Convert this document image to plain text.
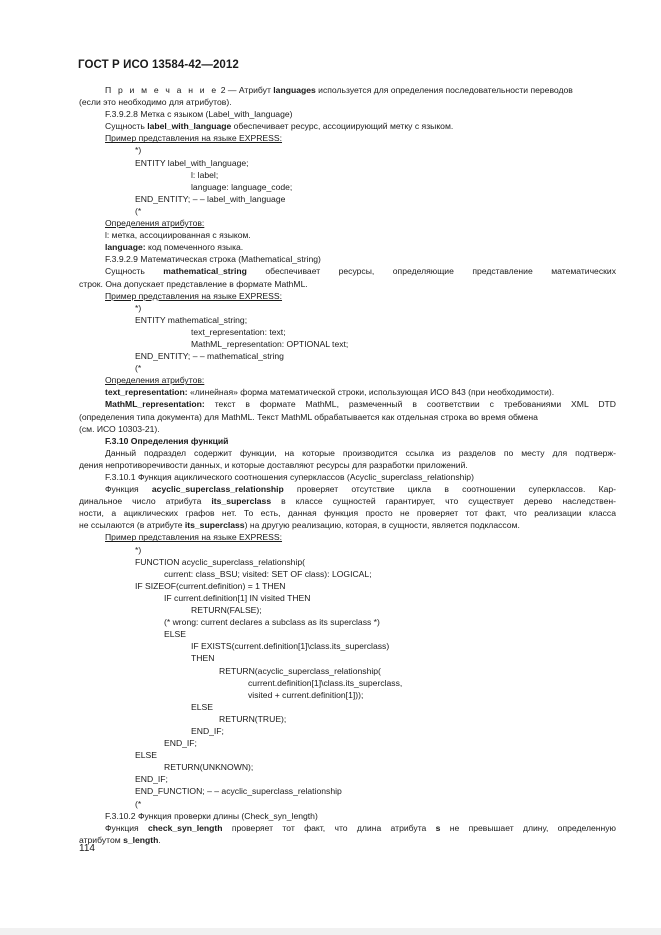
ГОСТ Р ИСО 13584-42—2012
П р и м е ч а н и е 2 — Атрибут languages используется для определения последовательности переводов
(если это необходимо для атрибутов).
F.3.9.2.8 Метка с языком (Label_with_language)
Сущность label_with_language обеспечивает ресурс, ассоциирующий метку с языком.
Пример представления на языке EXPRESS:
*)
ENTITY label_with_language;
l: label;
language: language_code;
END_ENTITY; – – label_with_language
(*
Определения атрибутов:
l: метка, ассоциированная с языком.
language: код помеченного языка.
F.3.9.2.9 Математическая строка (Mathematical_string)
Сущность mathematical_string обеспечивает ресурсы, определяющие представление математических
строк. Она допускает представление в формате MathML.
Пример представления на языке EXPRESS:
*)
ENTITY mathematical_string;
text_representation: text;
MathML_representation: OPTIONAL text;
END_ENTITY; – – mathematical_string
(*
Определения атрибутов:
text_representation: «линейная» форма математической строки, использующая ИСО 843 (при необходимости).
MathML_representation: текст в формате MathML, размеченный в соответствии с требованиями XML DTD
(определения типа документа) для MathML. Текст MathML обрабатывается как отдельная строка во время обмена
(см. ИСО 10303-21).
F.3.10 Определения функций
Данный подраздел содержит функции, на которые производится ссылка из разделов по месту для подтверж-
дения непротиворечивости данных, и которые доставляют ресурсы для разработки приложений.
F.3.10.1 Функция ациклического соотношения суперклассов (Acyclic_superclass_relationship)
Функция acyclic_superclass_relationship проверяет отсутствие цикла в соотношении суперклассов. Кар-
динальное число атрибута its_superclass в классе сущностей гарантирует, что существует дерево наследствен-
ности, а ациклических графов нет. То есть, данная функция просто не проверяет тот факт, что реализации класса
не ссылаются (в атрибуте its_superclass) на другую реализацию, которая, в сущности, является подклассом.
Пример представления на языке EXPRESS:
*)
FUNCTION acyclic_superclass_relationship(
current: class_BSU; visited: SET OF class): LOGICAL;
IF SIZEOF(current.definition) = 1 THEN
IF current.definition[1] IN visited THEN
RETURN(FALSE);
(* wrong: current declares a subclass as its superclass *)
ELSE
IF EXISTS(current.definition[1]\class.its_superclass)
THEN
RETURN(acyclic_superclass_relationship(
current.definition[1]\class.its_superclass,
visited + current.definition[1]));
ELSE
RETURN(TRUE);
END_IF;
END_IF;
ELSE
RETURN(UNKNOWN);
END_IF;
END_FUNCTION; – – acyclic_superclass_relationship
(*
F.3.10.2 Функция проверки длины (Check_syn_length)
Функция check_syn_length проверяет тот факт, что длина атрибута s не превышает длину, определенную
атрибутом s_length.
114
